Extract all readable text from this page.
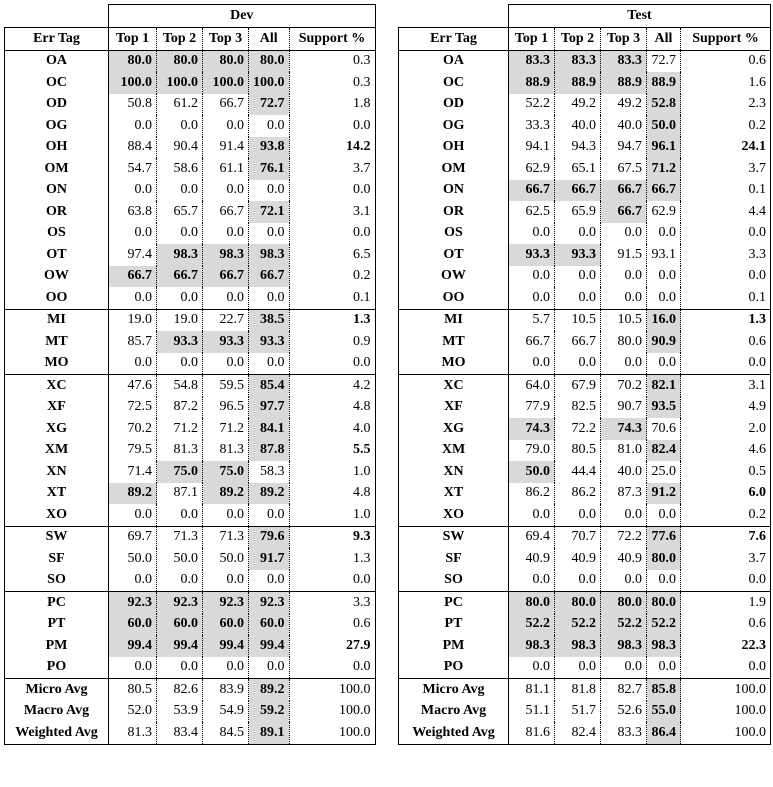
	Dev				
Err Tag	Top 1	Top 2	Top 3	All	Support %
OA	80.0	80.0	80.0	80.0	0.3
OC	100.0	100.0	100.0	100.0	0.3
OD	50.8	61.2	66.7	72.7	1.8
OG	0.0	0.0	0.0	0.0	0.0
OH	88.4	90.4	91.4	93.8	14.2
OM	54.7	58.6	61.1	76.1	3.7
ON	0.0	0.0	0.0	0.0	0.0
OR	63.8	65.7	66.7	72.1	3.1
OS	0.0	0.0	0.0	0.0	0.0
OT	97.4	98.3	98.3	98.3	6.5
OW	66.7	66.7	66.7	66.7	0.2
OO	0.0	0.0	0.0	0.0	0.1
MI	19.0	19.0	22.7	38.5	1.3
MT	85.7	93.3	93.3	93.3	0.9
MO	0.0	0.0	0.0	0.0	0.0
XC	47.6	54.8	59.5	85.4	4.2
XF	72.5	87.2	96.5	97.7	4.8
XG	70.2	71.2	71.2	84.1	4.0
XM	79.5	81.3	81.3	87.8	5.5
XN	71.4	75.0	75.0	58.3	1.0
XT	89.2	87.1	89.2	89.2	4.8
XO	0.0	0.0	0.0	0.0	1.0
SW	69.7	71.3	71.3	79.6	9.3
SF	50.0	50.0	50.0	91.7	1.3
SO	0.0	0.0	0.0	0.0	0.0
PC	92.3	92.3	92.3	92.3	3.3
PT	60.0	60.0	60.0	60.0	0.6
PM	99.4	99.4	99.4	99.4	27.9
PO	0.0	0.0	0.0	0.0	0.0
Micro Avg	80.5	82.6	83.9	89.2	100.0
Macro Avg	52.0	53.9	54.9	59.2	100.0
Weighted Avg	81.3	83.4	84.5	89.1	100.0
	Test				
Err Tag	Top 1	Top 2	Top 3	All	Support %
OA	83.3	83.3	83.3	72.7	0.6
OC	88.9	88.9	88.9	88.9	1.6
OD	52.2	49.2	49.2	52.8	2.3
OG	33.3	40.0	40.0	50.0	0.2
OH	94.1	94.3	94.7	96.1	24.1
OM	62.9	65.1	67.5	71.2	3.7
ON	66.7	66.7	66.7	66.7	0.1
OR	62.5	65.9	66.7	62.9	4.4
OS	0.0	0.0	0.0	0.0	0.0
OT	93.3	93.3	91.5	93.1	3.3
OW	0.0	0.0	0.0	0.0	0.0
OO	0.0	0.0	0.0	0.0	0.1
MI	5.7	10.5	10.5	16.0	1.3
MT	66.7	66.7	80.0	90.9	0.6
MO	0.0	0.0	0.0	0.0	0.0
XC	64.0	67.9	70.2	82.1	3.1
XF	77.9	82.5	90.7	93.5	4.9
XG	74.3	72.2	74.3	70.6	2.0
XM	79.0	80.5	81.0	82.4	4.6
XN	50.0	44.4	40.0	25.0	0.5
XT	86.2	86.2	87.3	91.2	6.0
XO	0.0	0.0	0.0	0.0	0.2
SW	69.4	70.7	72.2	77.6	7.6
SF	40.9	40.9	40.9	80.0	3.7
SO	0.0	0.0	0.0	0.0	0.0
PC	80.0	80.0	80.0	80.0	1.9
PT	52.2	52.2	52.2	52.2	0.6
PM	98.3	98.3	98.3	98.3	22.3
PO	0.0	0.0	0.0	0.0	0.0
Micro Avg	81.1	81.8	82.7	85.8	100.0
Macro Avg	51.1	51.7	52.6	55.0	100.0
Weighted Avg	81.6	82.4	83.3	86.4	100.0
